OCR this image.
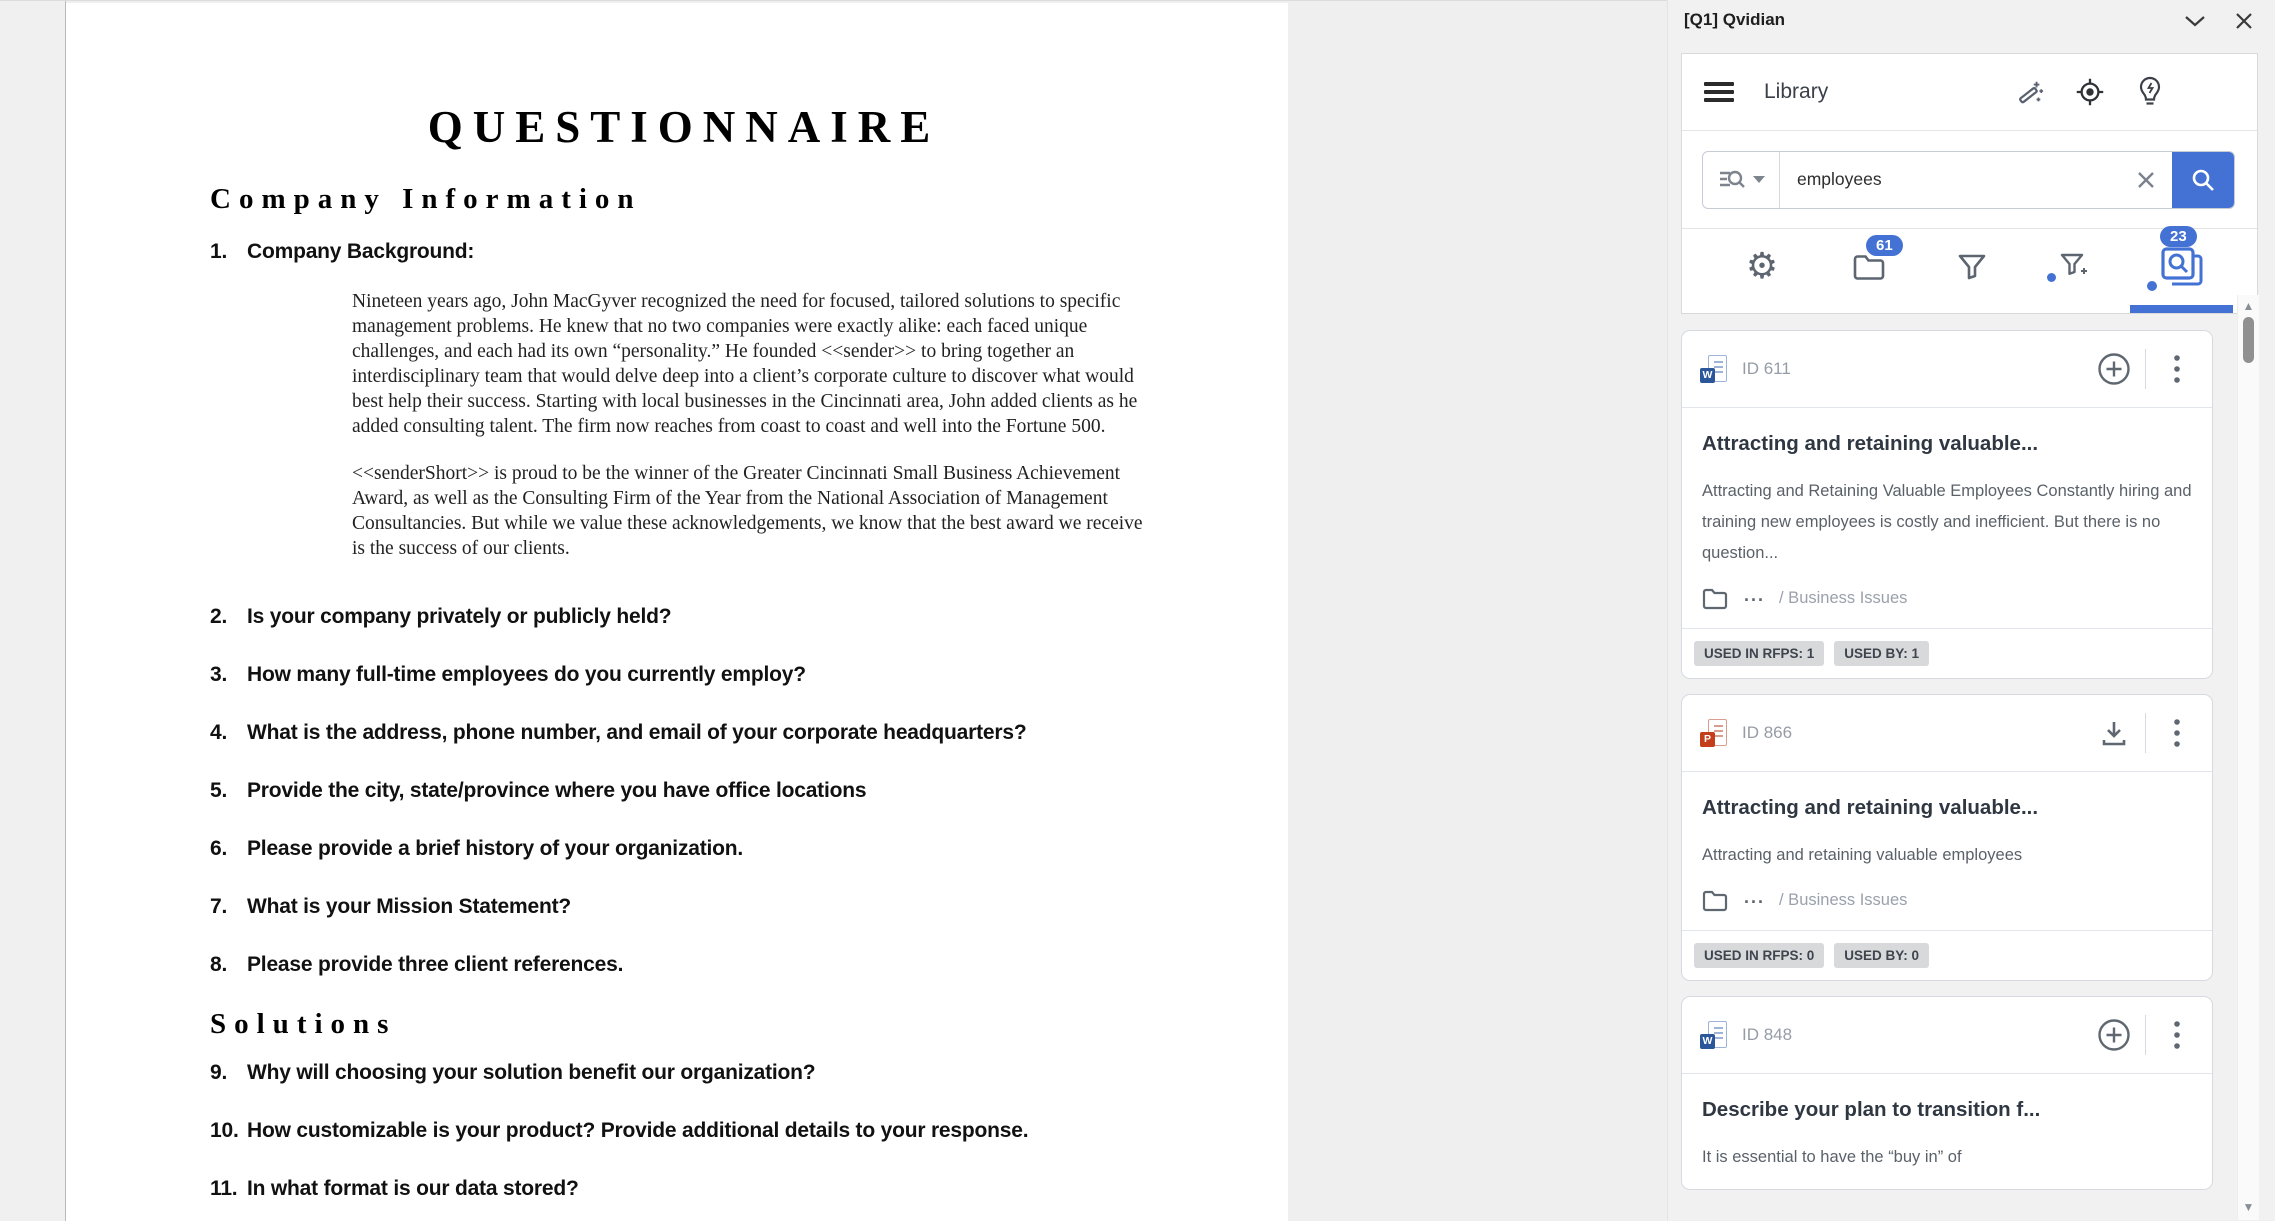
QUESTIONNAIRE
Company Information
1. Company Background:

Nineteen years ago, John MacGyver recognized the need for focused, tailored solutions to specific management problems. He knew that no two companies were exactly alike: each faced unique challenges, and each had its own “personality.” He founded <<sender>> to bring together an interdisciplinary team that would delve deep into a client’s corporate culture to discover what would best help their success. Starting with local businesses in the Cincinnati area, John added clients as he added consulting talent. The firm now reaches from coast to coast and well into the Fortune 500.

<<senderShort>> is proud to be the winner of the Greater Cincinnati Small Business Achievement Award, as well as the Consulting Firm of the Year from the National Association of Management Consultancies. But while we value these acknowledgements, we know that the best award we receive is the success of our clients.

2. Is your company privately or publicly held?
3. How many full-time employees do you currently employ?
4. What is the address, phone number, and email of your corporate headquarters?
5. Provide the city, state/province where you have office locations
6. Please provide a brief history of your organization.
7. What is your Mission Statement?
8. Please provide three client references.
Solutions
9. Why will choosing your solution benefit our organization?
10. How customizable is your product? Provide additional details to your response.
11. In what format is our data stored?
[Q1] Qvidian
Library
employees
⚙
61
23
W ID 611
Attracting and retaining valuable...
Attracting and Retaining Valuable Employees Constantly hiring and training new employees is costly and inefficient. But there is no question...
... / Business Issues
USED IN RFPS: 1	USED BY: 1
P ID 866
Attracting and retaining valuable...
Attracting and retaining valuable employees
... / Business Issues
USED IN RFPS: 0	USED BY: 0
W ID 848
Describe your plan to transition f...
It is essential to have the “buy in” of
▲
▼
